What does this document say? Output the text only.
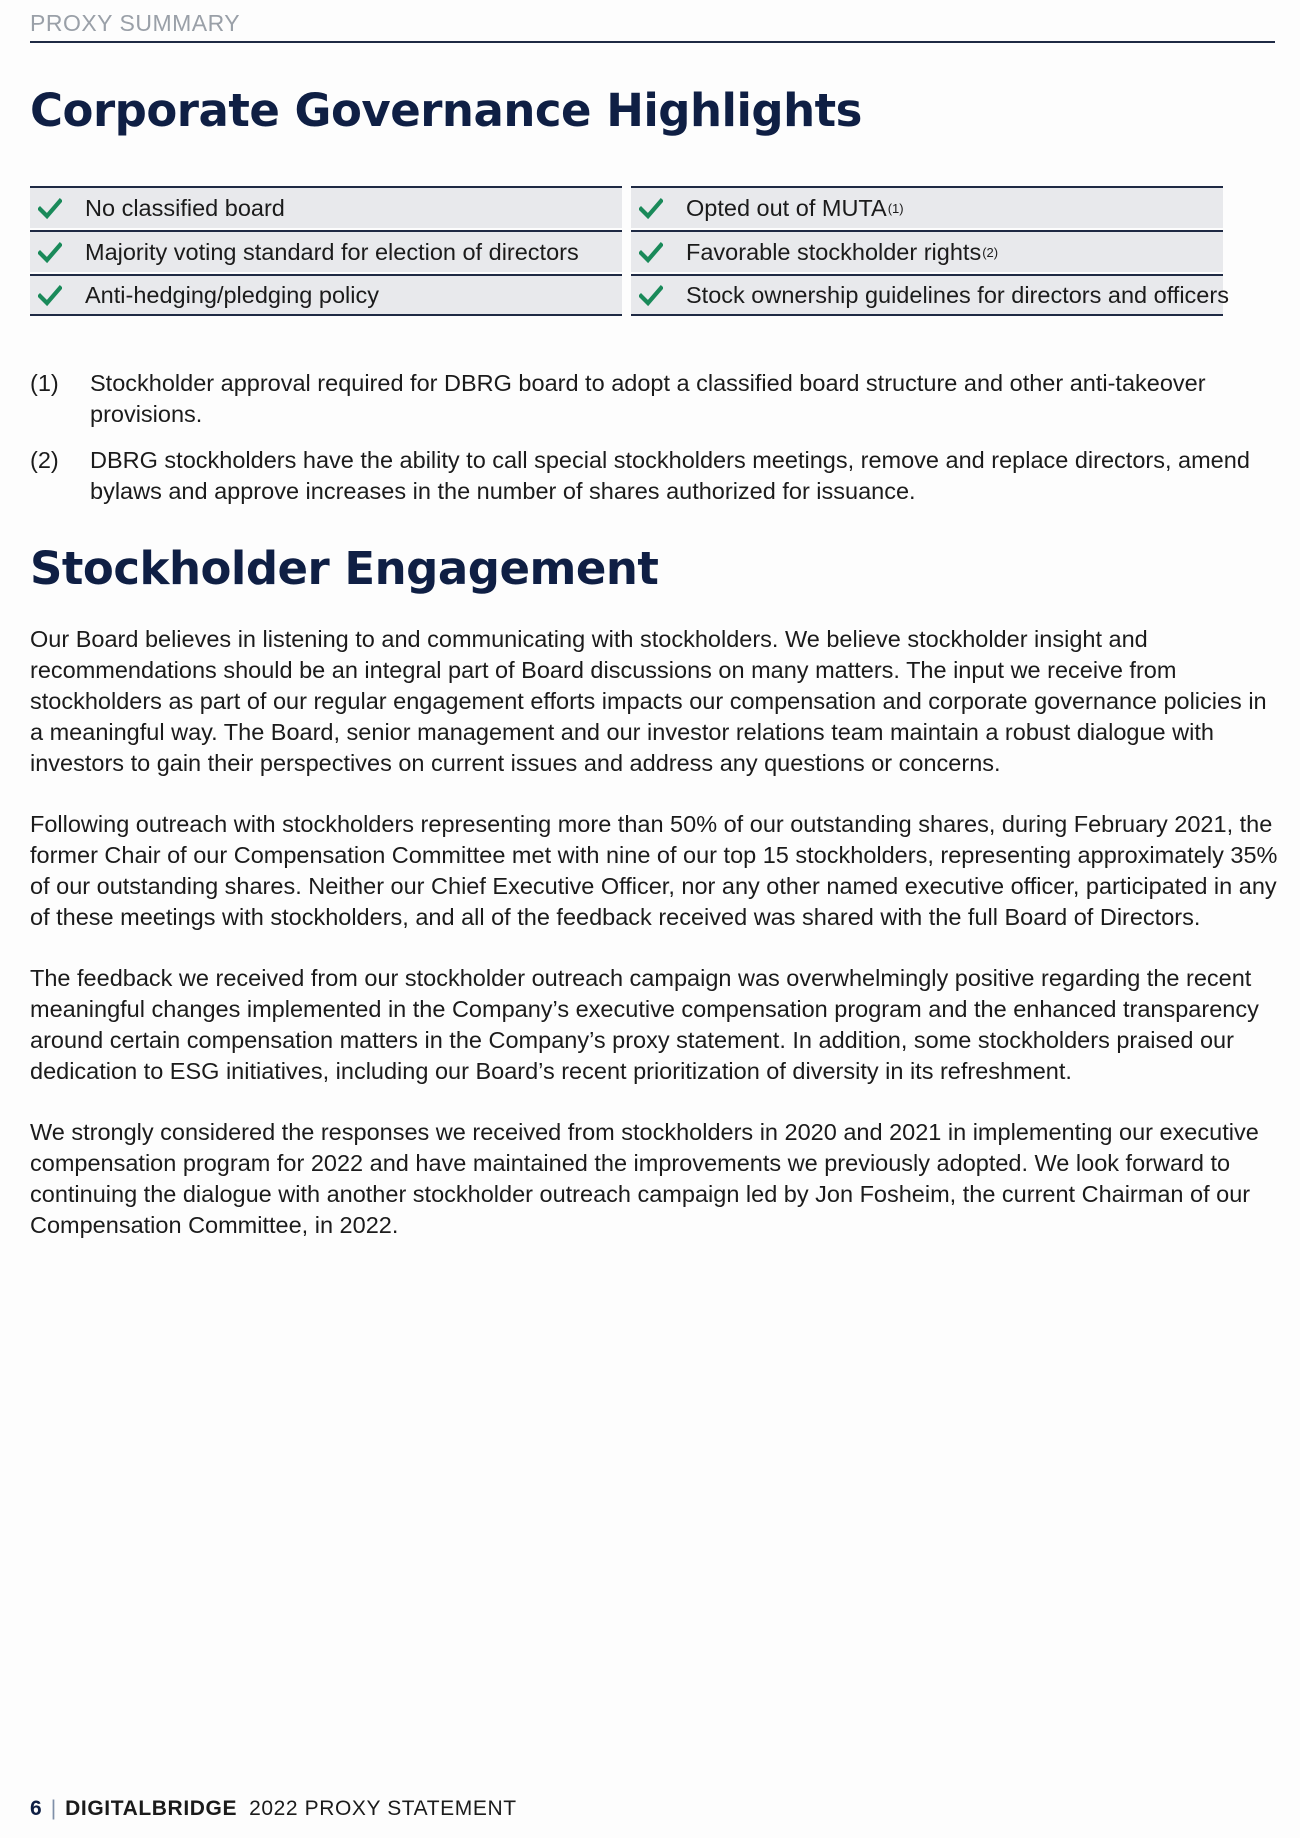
PROXY SUMMARY
Corporate Governance Highlights
No classified board	Opted out of MUTA (1)
Majority voting standard for election of directors	Favorable stockholder rights (2)
Anti-hedging/pledging policy	Stock ownership guidelines for directors and officers
(1)	Stockholder approval required for DBRG board to adopt a classified board structure and other anti-takeover provisions.
(2)	DBRG stockholders have the ability to call special stockholders meetings, remove and replace directors, amend bylaws and approve increases in the number of shares authorized for issuance.
Stockholder Engagement

Our Board believes in listening to and communicating with stockholders. We believe stockholder insight and recommendations should be an integral part of Board discussions on many matters. The input we receive from stockholders as part of our regular engagement efforts impacts our compensation and corporate governance policies in a meaningful way. The Board, senior management and our investor relations team maintain a robust dialogue with investors to gain their perspectives on current issues and address any questions or concerns.

Following outreach with stockholders representing more than 50% of our outstanding shares, during February 2021, the former Chair of our Compensation Committee met with nine of our top 15 stockholders, representing approximately 35% of our outstanding shares. Neither our Chief Executive Officer, nor any other named executive officer, participated in any of these meetings with stockholders, and all of the feedback received was shared with the full Board of Directors.

The feedback we received from our stockholder outreach campaign was overwhelmingly positive regarding the recent meaningful changes implemented in the Company’s executive compensation program and the enhanced transparency around certain compensation matters in the Company’s proxy statement. In addition, some stockholders praised our dedication to ESG initiatives, including our Board’s recent prioritization of diversity in its refreshment.

We strongly considered the responses we received from stockholders in 2020 and 2021 in implementing our executive compensation program for 2022 and have maintained the improvements we previously adopted. We look forward to continuing the dialogue with another stockholder outreach campaign led by Jon Fosheim, the current Chairman of our Compensation Committee, in 2022.

6 | DIGITALBRIDGE 2022 PROXY STATEMENT
